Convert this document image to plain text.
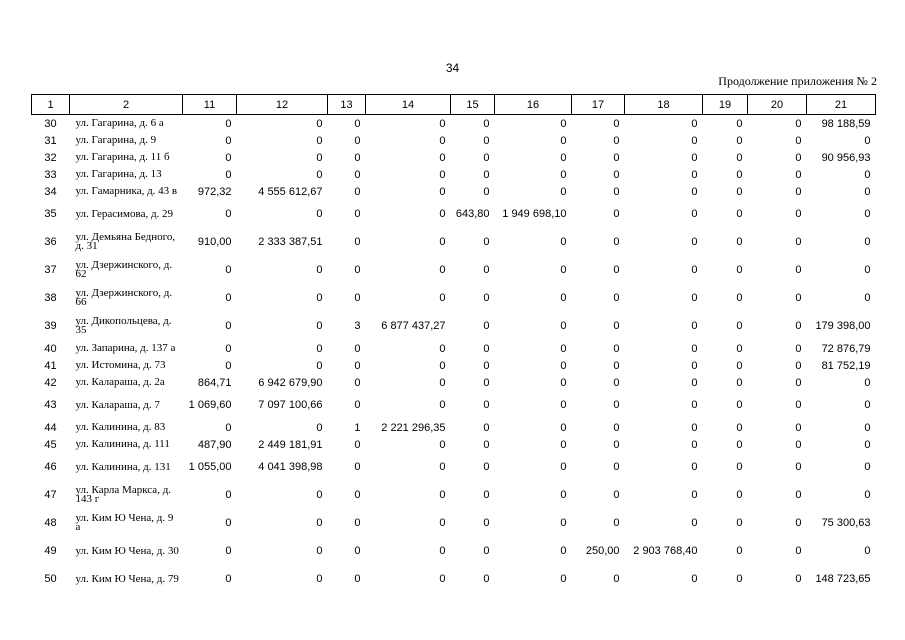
34
Продолжение приложения № 2
1	2	11	12	13	14	15	16	17	18	19	20	21
30	ул. Гагарина, д. 6 а	0	0	0	0	0	0	0	0	0	0	98 188,59
31	ул. Гагарина, д. 9	0	0	0	0	0	0	0	0	0	0	0
32	ул. Гагарина, д. 11 б	0	0	0	0	0	0	0	0	0	0	90 956,93
33	ул. Гагарина, д. 13	0	0	0	0	0	0	0	0	0	0	0
34	ул. Гамарника, д. 43 в	972,32	4 555 612,67	0	0	0	0	0	0	0	0	0
35	ул. Герасимова, д. 29	0	0	0	0	643,80	1 949 698,10	0	0	0	0	0
36	ул. Демьяна Бедного, д. 31	910,00	2 333 387,51	0	0	0	0	0	0	0	0	0
37	ул. Дзержинского, д. 62	0	0	0	0	0	0	0	0	0	0	0
38	ул. Дзержинского, д. 66	0	0	0	0	0	0	0	0	0	0	0
39	ул. Дикопольцева, д. 35	0	0	3	6 877 437,27	0	0	0	0	0	0	179 398,00
40	ул. Запарина, д. 137 а	0	0	0	0	0	0	0	0	0	0	72 876,79
41	ул. Истомина, д. 73	0	0	0	0	0	0	0	0	0	0	81 752,19
42	ул. Калараша, д. 2а	864,71	6 942 679,90	0	0	0	0	0	0	0	0	0
43	ул. Калараша, д. 7	1 069,60	7 097 100,66	0	0	0	0	0	0	0	0	0
44	ул. Калинина, д. 83	0	0	1	2 221 296,35	0	0	0	0	0	0	0
45	ул. Калинина, д. 111	487,90	2 449 181,91	0	0	0	0	0	0	0	0	0
46	ул. Калинина, д. 131	1 055,00	4 041 398,98	0	0	0	0	0	0	0	0	0
47	ул. Карла Маркса, д. 143 г	0	0	0	0	0	0	0	0	0	0	0
48	ул. Ким Ю Чена, д. 9 а	0	0	0	0	0	0	0	0	0	0	75 300,63
49	ул. Ким Ю Чена, д. 30	0	0	0	0	0	0	250,00	2 903 768,40	0	0	0
50	ул. Ким Ю Чена, д. 79	0	0	0	0	0	0	0	0	0	0	148 723,65
